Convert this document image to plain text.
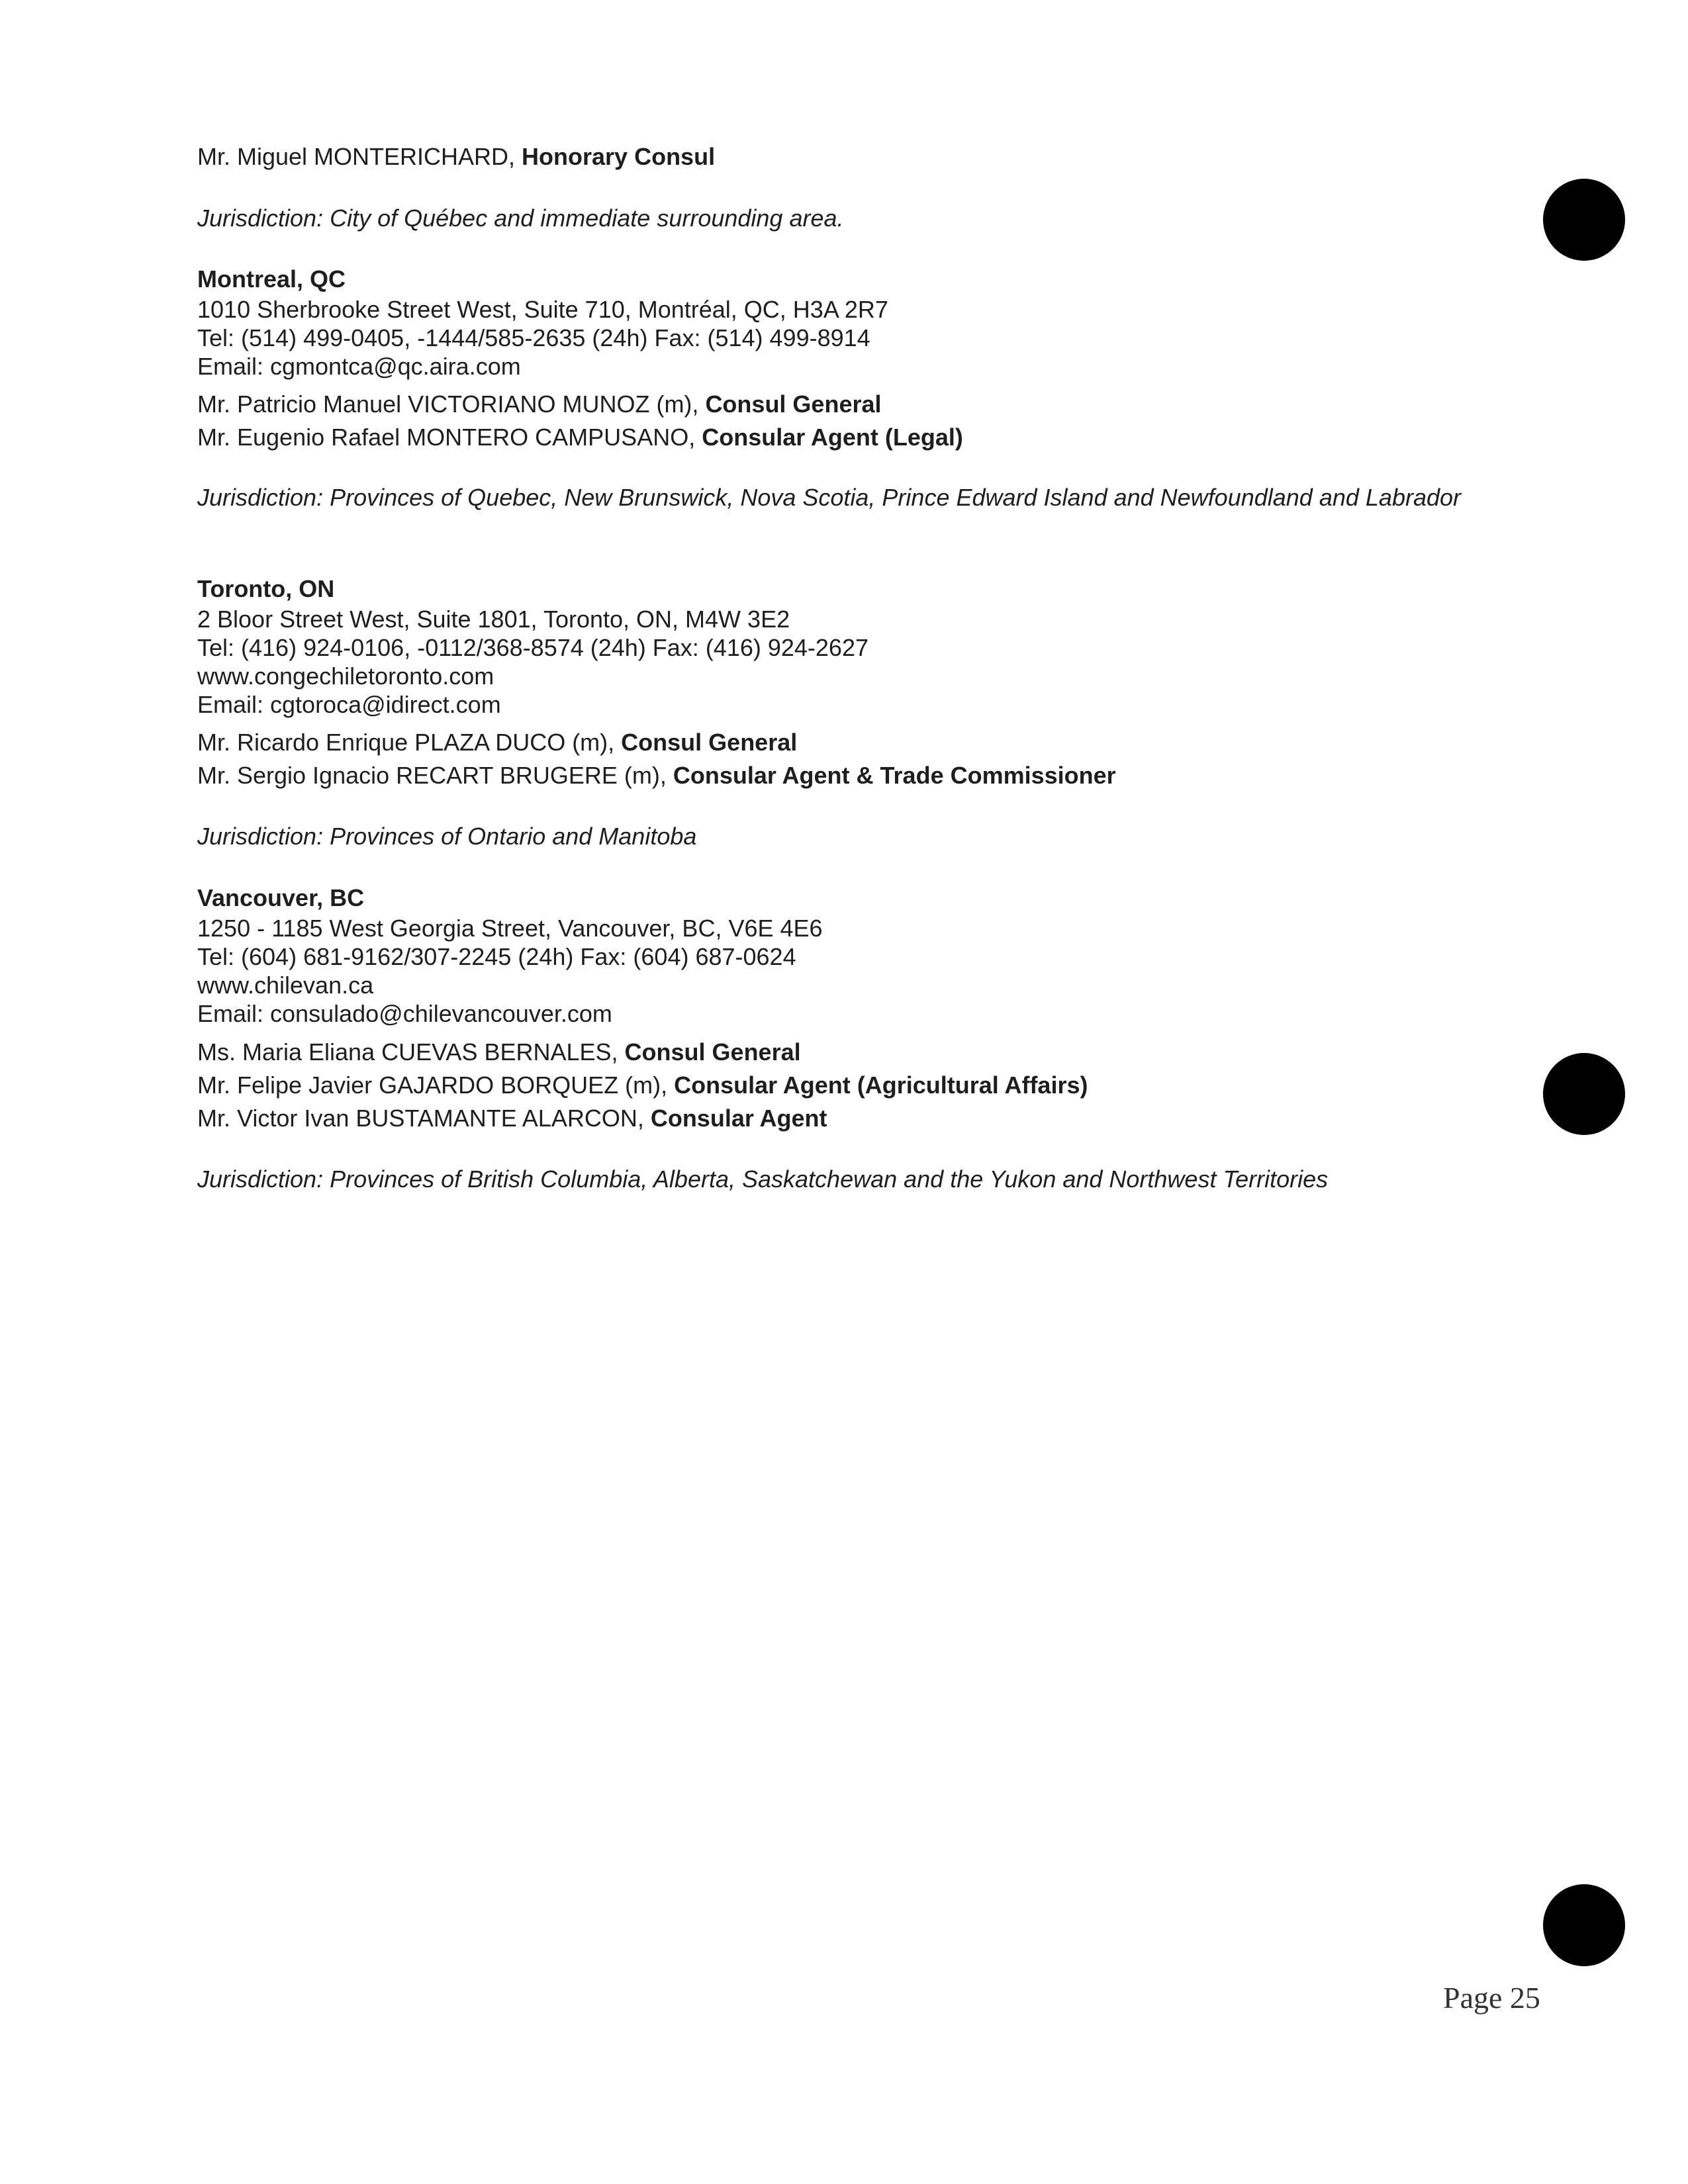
Mr. Miguel MONTERICHARD, Honorary Consul
Jurisdiction: City of Québec and immediate surrounding area.
Montreal, QC
1010 Sherbrooke Street West, Suite 710, Montréal, QC, H3A 2R7
Tel: (514) 499-0405, -1444/585-2635 (24h) Fax: (514) 499-8914
Email: cgmontca@qc.aira.com
Mr. Patricio Manuel VICTORIANO MUNOZ (m), Consul General
Mr. Eugenio Rafael MONTERO CAMPUSANO, Consular Agent (Legal)
Jurisdiction: Provinces of Quebec, New Brunswick, Nova Scotia, Prince Edward Island and Newfoundland and Labrador
Toronto, ON
2 Bloor Street West, Suite 1801, Toronto, ON, M4W 3E2
Tel: (416) 924-0106, -0112/368-8574 (24h) Fax: (416) 924-2627
www.congechiletoronto.com
Email: cgtoroca@idirect.com
Mr. Ricardo Enrique PLAZA DUCO (m), Consul General
Mr. Sergio Ignacio RECART BRUGERE (m), Consular Agent & Trade Commissioner
Jurisdiction: Provinces of Ontario and Manitoba
Vancouver, BC
1250 - 1185 West Georgia Street, Vancouver, BC, V6E 4E6
Tel: (604) 681-9162/307-2245 (24h) Fax: (604) 687-0624
www.chilevan.ca
Email: consulado@chilevancouver.com
Ms. Maria Eliana CUEVAS BERNALES, Consul General
Mr. Felipe Javier GAJARDO BORQUEZ (m), Consular Agent (Agricultural Affairs)
Mr. Victor Ivan BUSTAMANTE ALARCON, Consular Agent
Jurisdiction: Provinces of British Columbia, Alberta, Saskatchewan and the Yukon and Northwest Territories
Page 25
